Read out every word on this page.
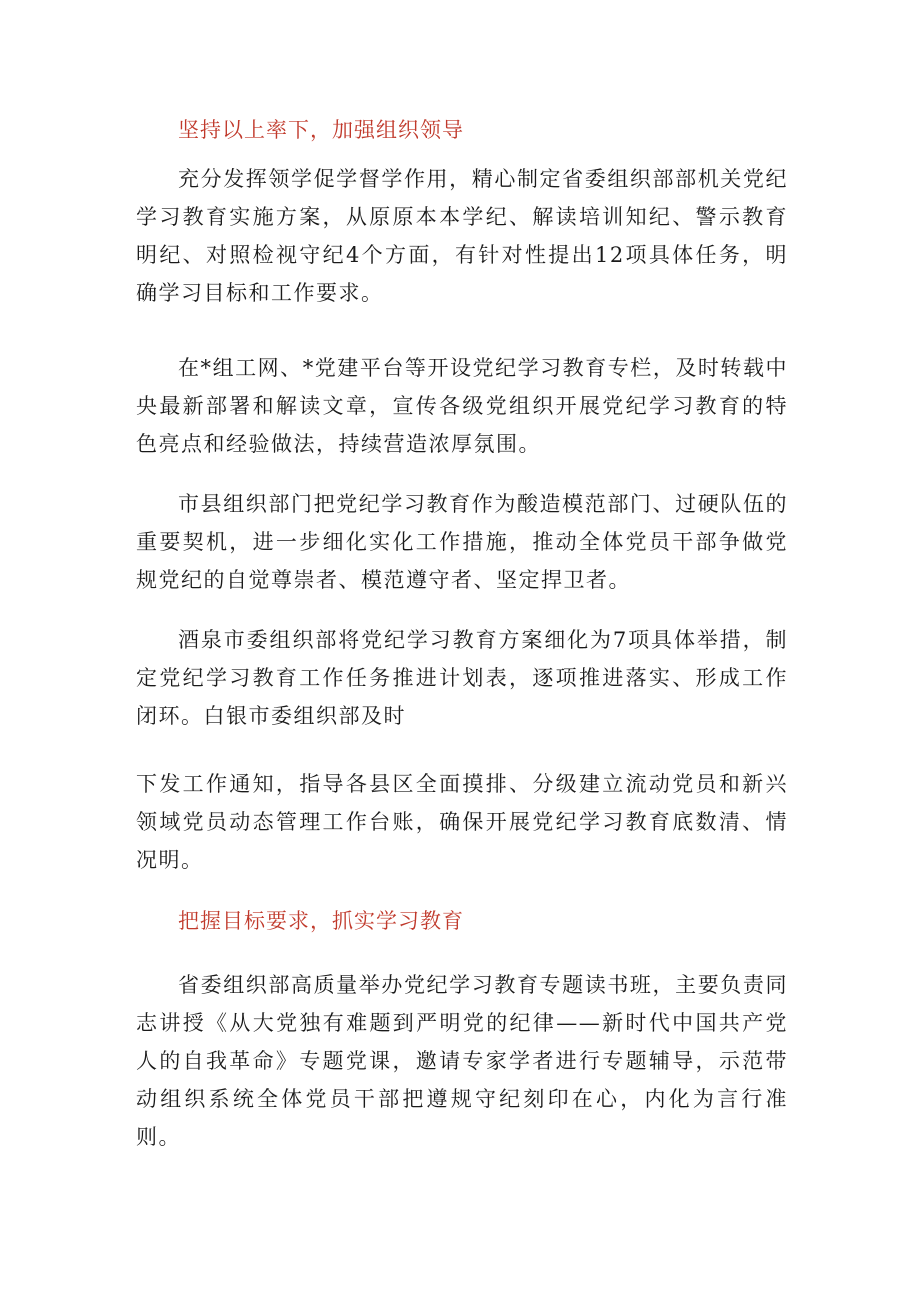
坚持以上率下，加强组织领导

充分发挥领学促学督学作用，精心制定省委组织部部机关党纪学习教育实施方案，从原原本本学纪、解读培训知纪、警示教育明纪、对照检视守纪4个方面，有针对性提出12项具体任务，明确学习目标和工作要求。

在*组工网、*党建平台等开设党纪学习教育专栏，及时转载中央最新部署和解读文章，宣传各级党组织开展党纪学习教育的特色亮点和经验做法，持续营造浓厚氛围。

市县组织部门把党纪学习教育作为酸造模范部门、过硬队伍的重要契机，进一步细化实化工作措施，推动全体党员干部争做党规党纪的自觉尊崇者、模范遵守者、坚定捍卫者。

酒泉市委组织部将党纪学习教育方案细化为7项具体举措，制定党纪学习教育工作任务推进计划表，逐项推进落实、形成工作闭环。白银市委组织部及时

下发工作通知，指导各县区全面摸排、分级建立流动党员和新兴领域党员动态管理工作台账，确保开展党纪学习教育底数清、情况明。

把握目标要求，抓实学习教育

省委组织部高质量举办党纪学习教育专题读书班，主要负责同志讲授《从大党独有难题到严明党的纪律——新时代中国共产党人的自我革命》专题党课，邀请专家学者进行专题辅导，示范带动组织系统全体党员干部把遵规守纪刻印在心，内化为言行准则。
